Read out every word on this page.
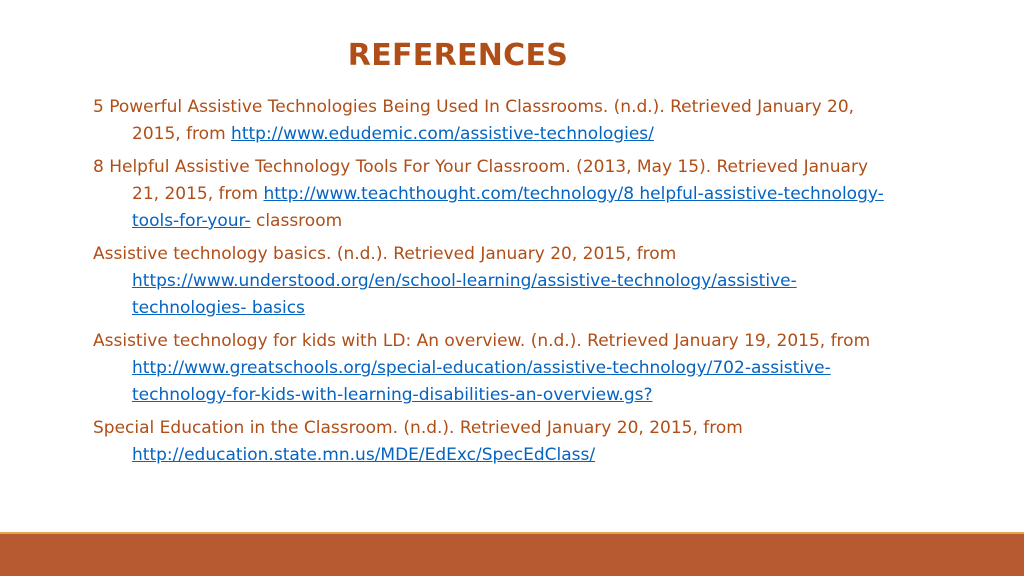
REFERENCES
5 Powerful Assistive Technologies Being Used In Classrooms. (n.d.). Retrieved January 20, 2015, from http://www.edudemic.com/assistive-technologies/
8 Helpful Assistive Technology Tools For Your Classroom. (2013, May 15). Retrieved January 21, 2015, from http://www.teachthought.com/technology/8 helpful-assistive-technology-tools-for-your- classroom
Assistive technology basics. (n.d.). Retrieved January 20, 2015, from https://www.understood.org/en/school-learning/assistive-technology/assistive-technologies- basics
Assistive technology for kids with LD: An overview. (n.d.). Retrieved January 19, 2015, from http://www.greatschools.org/special-education/assistive-technology/702-assistive-technology-for-kids-with-learning-disabilities-an-overview.gs?
Special Education in the Classroom. (n.d.). Retrieved January 20, 2015, from http://education.state.mn.us/MDE/EdExc/SpecEdClass/
